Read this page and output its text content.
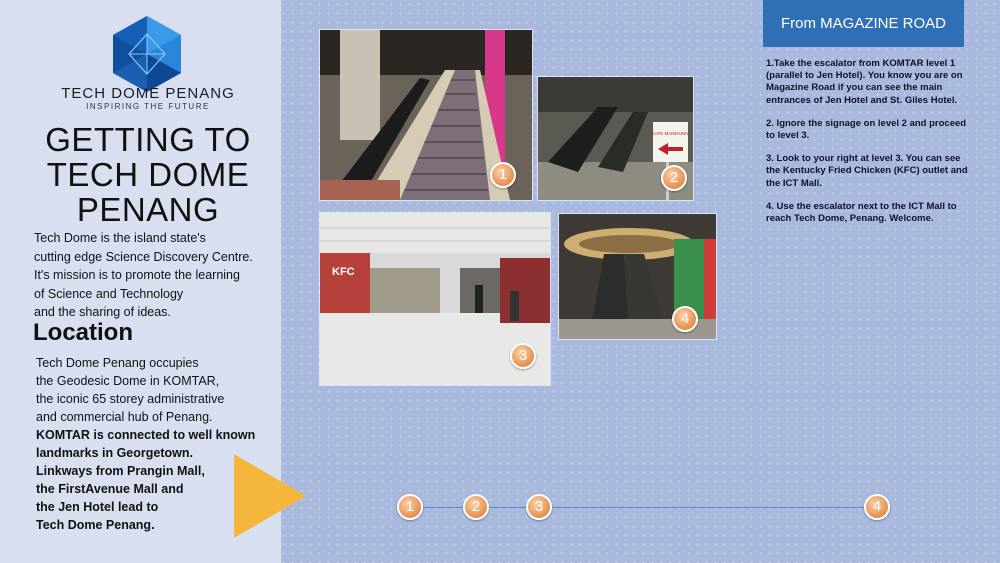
TECH DOME PENANG
INSPIRING THE FUTURE
GETTING TO
TECH DOME
PENANG
Tech Dome is the island state's
cutting edge Science Discovery Centre.
It's mission is to promote the learning
of Science and Technology
and the sharing of ideas.
Location
Tech Dome Penang occupies
the Geodesic Dome in KOMTAR,
the iconic 65 storey administrative
and commercial hub of Penang.
KOMTAR is connected to well known
landmarks in Georgetown.
Linkways from Prangin Mall,
the FirstAvenue Mall and
the Jen Hotel lead to
Tech Dome Penang.
1
KAFE MANDARIN
2
KFC
3
4
1	2	3	4
From MAGAZINE ROAD

1.Take the escalator from KOMTAR level 1 (parallel to Jen Hotel). You know you are on Magazine Road if you can see the main entrances of Jen Hotel and St. Giles Hotel.

2. Ignore the signage on level 2 and proceed to level 3.

3. Look to your right at level 3. You can see the Kentucky Fried Chicken (KFC) outlet and the ICT Mall.

4. Use the escalator next to the ICT Mall to reach Tech Dome, Penang. Welcome.
